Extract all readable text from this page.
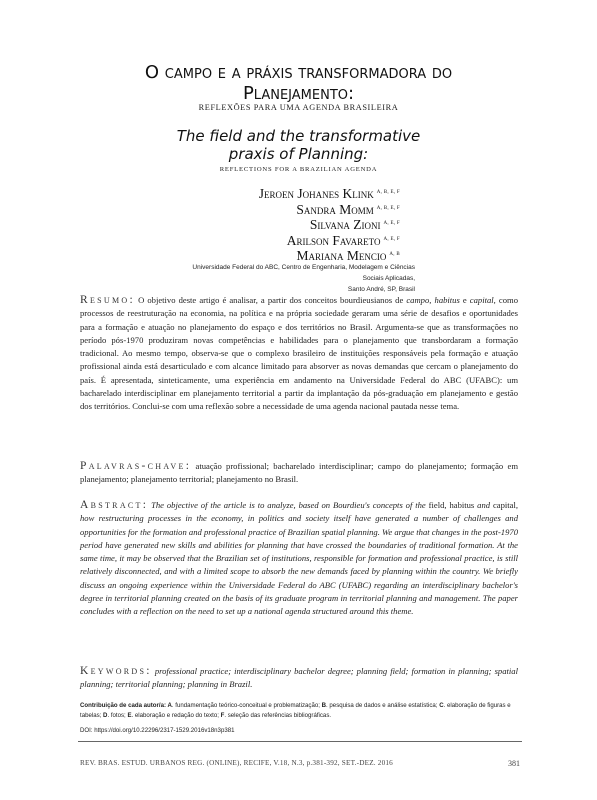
O campo e a práxis transformadora do
Planejamento:
REFLEXÕES PARA UMA AGENDA BRASILEIRA
The field and the transformative
praxis of Planning:
REFLECTIONS FOR A BRAZILIAN AGENDA
Jeroen Johanes Klink $^{A, B, E, F}$
Sandra Momm $^{A, B, E, F}$
Silvana Zioni $^{A, E, F}$
Arilson Favareto $^{A, E, F}$
Mariana Mencio $^{A, B}$
Universidade Federal do ABC, Centro de Engenharia, Modelagem e Ciências Sociais Aplicadas,
Santo André, SP, Brasil
Resumo: O objetivo deste artigo é analisar, a partir dos conceitos bourdieusianos de campo, habitus e capital, como processos de reestruturação na economia, na política e na própria sociedade geraram uma série de desafios e oportunidades para a formação e atuação no planejamento do espaço e dos territórios no Brasil. Argumenta-se que as transformações no período pós-1970 produziram novas competências e habilidades para o planejamento que transbordaram a formação tradicional. Ao mesmo tempo, observa-se que o complexo brasileiro de instituições responsáveis pela formação e atuação profissional ainda está desarticulado e com alcance limitado para absorver as novas demandas que cercam o planejamento do país. É apresentada, sinteticamente, uma experiência em andamento na Universidade Federal do ABC (UFABC): um bacharelado interdisciplinar em planejamento territorial a partir da implantação da pós-graduação em planejamento e gestão dos territórios. Conclui-se com uma reflexão sobre a necessidade de uma agenda nacional pautada nesse tema.
Palavras-chave: atuação profissional; bacharelado interdisciplinar; campo do planejamento; formação em planejamento; planejamento territorial; planejamento no Brasil.
Abstract: The objective of the article is to analyze, based on Bourdieu's concepts of the field, habitus and capital, how restructuring processes in the economy, in politics and society itself have generated a number of challenges and opportunities for the formation and professional practice of Brazilian spatial planning. We argue that changes in the post-1970 period have generated new skills and abilities for planning that have crossed the boundaries of traditional formation. At the same time, it may be observed that the Brazilian set of institutions, responsible for formation and professional practice, is still relatively disconnected, and with a limited scope to absorb the new demands faced by planning within the country. We briefly discuss an ongoing experience within the Universidade Federal do ABC (UFABC) regarding an interdisciplinary bachelor's degree in territorial planning created on the basis of its graduate program in territorial planning and management. The paper concludes with a reflection on the need to set up a national agenda structured around this theme.
Keywords: professional practice; interdisciplinary bachelor degree; planning field; formation in planning; spatial planning; territorial planning; planning in Brazil.
Contribuição de cada autor/a: A. fundamentação teórico-conceitual e problematização; B. pesquisa de dados e análise estatística; C. elaboração de figuras e tabelas; D. fotos; E. elaboração e redação do texto; F. seleção das referências bibliográficas.
DOI: https://doi.org/10.22296/2317-1529.2016v18n3p381
REV. BRAS. ESTUD. URBANOS REG. (ONLINE), RECIFE, V.18, N.3, p.381-392, SET.-DEZ. 2016	381
